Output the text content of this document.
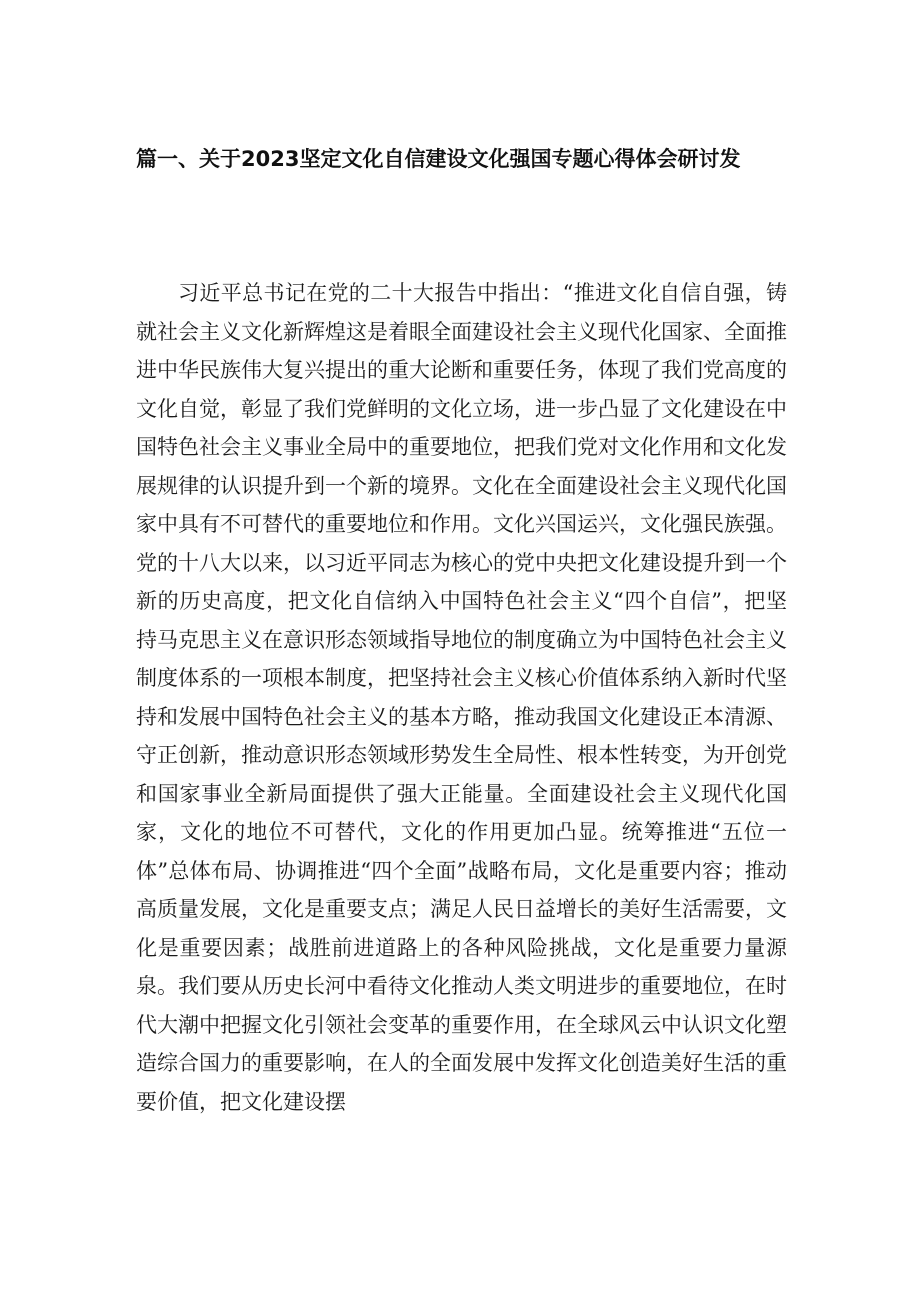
篇一、关于2023坚定文化自信建设文化强国专题心得体会研讨发

习近平总书记在党的二十大报告中指出：“推进文化自信自强，铸就社会主义文化新辉煌这是着眼全面建设社会主义现代化国家、全面推进中华民族伟大复兴提出的重大论断和重要任务，体现了我们党高度的文化自觉，彰显了我们党鲜明的文化立场，进一步凸显了文化建设在中国特色社会主义事业全局中的重要地位，把我们党对文化作用和文化发展规律的认识提升到一个新的境界。文化在全面建设社会主义现代化国家中具有不可替代的重要地位和作用。文化兴国运兴，文化强民族强。党的十八大以来，以习近平同志为核心的党中央把文化建设提升到一个新的历史高度，把文化自信纳入中国特色社会主义“四个自信”，把坚持马克思主义在意识形态领域指导地位的制度确立为中国特色社会主义制度体系的一项根本制度，把坚持社会主义核心价值体系纳入新时代坚持和发展中国特色社会主义的基本方略，推动我国文化建设正本清源、守正创新，推动意识形态领域形势发生全局性、根本性转变，为开创党和国家事业全新局面提供了强大正能量。全面建设社会主义现代化国家，文化的地位不可替代，文化的作用更加凸显。统筹推进“五位一体”总体布局、协调推进“四个全面”战略布局，文化是重要内容；推动高质量发展，文化是重要支点；满足人民日益增长的美好生活需要，文化是重要因素；战胜前进道路上的各种风险挑战，文化是重要力量源泉。我们要从历史长河中看待文化推动人类文明进步的重要地位，在时代大潮中把握文化引领社会变革的重要作用，在全球风云中认识文化塑造综合国力的重要影响，在人的全面发展中发挥文化创造美好生活的重要价值，把文化建设摆
